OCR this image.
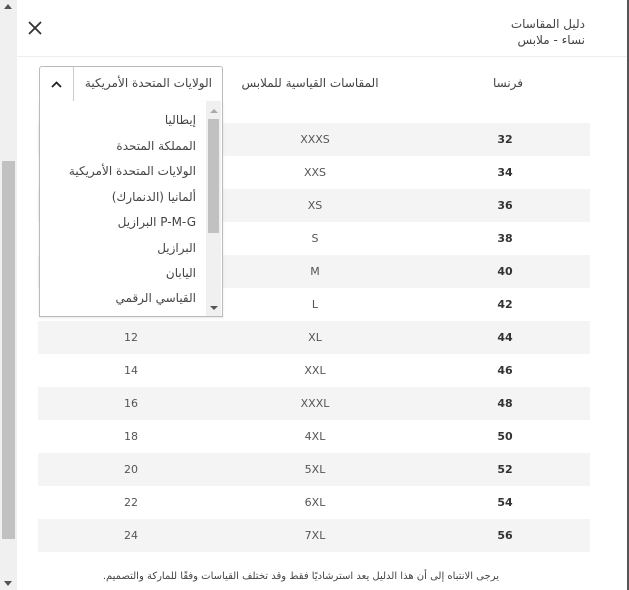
دليل المقاسات
نساء - ملابس
فرنسا
المقاسات القياسية للملابس
32
XXXS
34
XXS
36
XS
38
S
40
M
42
L
44
XL
12
46
XXL
14
48
XXXL
16
50
4XL
18
52
5XL
20
54
6XL
22
56
7XL
24
الولايات المتحدة الأمريكية
إيطاليا
المملكة المتحدة
الولايات المتحدة الأمريكية
ألمانيا (الدنمارك)
P-M-G البرازيل
البرازيل
اليابان
القياسي الرقمي
يرجى الانتباه إلى أن هذا الدليل يعد استرشاديًا فقط وقد تختلف القياسات وفقًا للماركة والتصميم.
